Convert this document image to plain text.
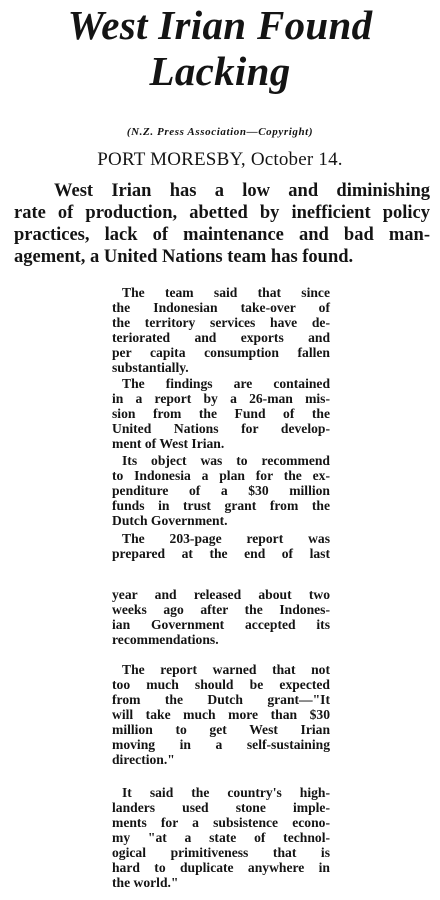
West Irian Found
Lacking
(N.Z. Press Association—Copyright)
PORT MORESBY, October 14.
West Irian has a low and diminishing
rate of production, abetted by inefficient policy
practices, lack of maintenance and bad man-
agement, a United Nations team has found.
The team said that since
the Indonesian take-over of
the territory services have de-
teriorated and exports and
per capita consumption fallen
substantially.
The findings are contained
in a report by a 26-man mis-
sion from the Fund of the
United Nations for develop-
ment of West Irian.
Its object was to recommend
to Indonesia a plan for the ex-
penditure of a $30 million
funds in trust grant from the
Dutch Government.
The 203-page report was
prepared at the end of last
year and released about two
weeks ago after the Indones-
ian Government accepted its
recommendations.
The report warned that not
too much should be expected
from the Dutch grant—"It
will take much more than $30
million to get West Irian
moving in a self-sustaining
direction."
It said the country's high-
landers used stone imple-
ments for a subsistence econo-
my "at a state of technol-
ogical primitiveness that is
hard to duplicate anywhere in
the world."
